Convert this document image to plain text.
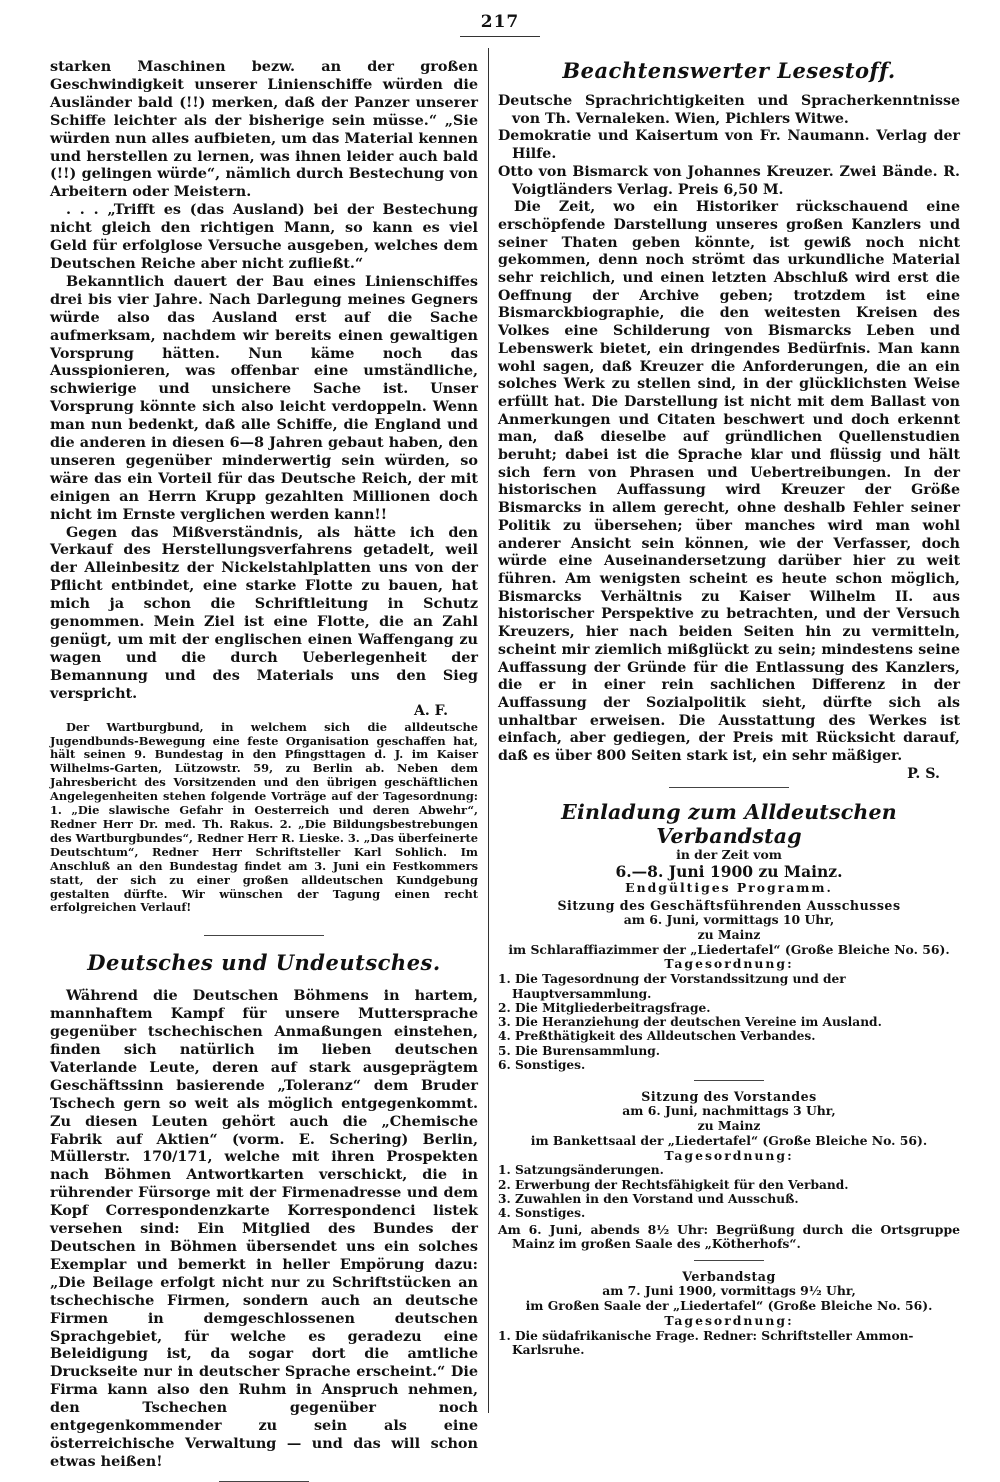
217

starken Maschinen bezw. an der großen Geschwindigkeit unserer Linienschiffe würden die Ausländer bald (!!) merken, daß der Panzer unserer Schiffe leichter als der bisherige sein müsse.“ „Sie würden nun alles aufbieten, um das Material kennen und herstellen zu lernen, was ihnen leider auch bald (!!) gelingen würde“, nämlich durch Bestechung von Arbeitern oder Meistern.

. . . „Trifft es (das Ausland) bei der Bestechung nicht gleich den richtigen Mann, so kann es viel Geld für erfolglose Versuche ausgeben, welches dem Deutschen Reiche aber nicht zufließt.“

Bekanntlich dauert der Bau eines Linienschiffes drei bis vier Jahre. Nach Darlegung meines Gegners würde also das Ausland erst auf die Sache aufmerksam, nachdem wir bereits einen gewaltigen Vorsprung hätten. Nun käme noch das Ausspionieren, was offenbar eine umständliche, schwierige und unsichere Sache ist. Unser Vorsprung könnte sich also leicht verdoppeln. Wenn man nun bedenkt, daß alle Schiffe, die England und die anderen in diesen 6—8 Jahren gebaut haben, den unseren gegenüber minderwertig sein würden, so wäre das ein Vorteil für das Deutsche Reich, der mit einigen an Herrn Krupp gezahlten Millionen doch nicht im Ernste verglichen werden kann!!

Gegen das Mißverständnis, als hätte ich den Verkauf des Herstellungsverfahrens getadelt, weil der Alleinbesitz der Nickelstahlplatten uns von der Pflicht entbindet, eine starke Flotte zu bauen, hat mich ja schon die Schriftleitung in Schutz genommen. Mein Ziel ist eine Flotte, die an Zahl genügt, um mit der englischen einen Waffengang zu wagen und die durch Ueberlegenheit der Bemannung und des Materials uns den Sieg verspricht.

A. F.

Der Wartburgbund, in welchem sich die alldeutsche Jugendbunds-Bewegung eine feste Organisation geschaffen hat, hält seinen 9. Bundestag in den Pfingsttagen d. J. im Kaiser Wilhelms-Garten, Lützowstr. 59, zu Berlin ab. Neben dem Jahresbericht des Vorsitzenden und den übrigen geschäftlichen Angelegenheiten stehen folgende Vorträge auf der Tagesordnung: 1. „Die slawische Gefahr in Oesterreich und deren Abwehr“, Redner Herr Dr. med. Th. Rakus. 2. „Die Bildungsbestrebungen des Wartburgbundes“, Redner Herr R. Lieske. 3. „Das überfeinerte Deutschtum“, Redner Herr Schriftsteller Karl Sohlich. Im Anschluß an den Bundestag findet am 3. Juni ein Festkommers statt, der sich zu einer großen alldeutschen Kundgebung gestalten dürfte. Wir wünschen der Tagung einen recht erfolgreichen Verlauf!

Deutsches und Undeutsches.

Während die Deutschen Böhmens in hartem, mannhaftem Kampf für unsere Muttersprache gegenüber tschechischen Anmaßungen einstehen, finden sich natürlich im lieben deutschen Vaterlande Leute, deren auf stark ausgeprägtem Geschäftssinn basierende „Toleranz“ dem Bruder Tschech gern so weit als möglich entgegenkommt. Zu diesen Leuten gehört auch die „Chemische Fabrik auf Aktien“ (vorm. E. Schering) Berlin, Müllerstr. 170/171, welche mit ihren Prospekten nach Böhmen Antwortkarten verschickt, die in rührender Fürsorge mit der Firmenadresse und dem Kopf Correspondenzkarte Korrespondenci listek versehen sind: Ein Mitglied des Bundes der Deutschen in Böhmen übersendet uns ein solches Exemplar und bemerkt in heller Empörung dazu: „Die Beilage erfolgt nicht nur zu Schriftstücken an tschechische Firmen, sondern auch an deutsche Firmen in demgeschlossenen deutschen Sprachgebiet, für welche es geradezu eine Beleidigung ist, da sogar dort die amtliche Druckseite nur in deutscher Sprache erscheint.“ Die Firma kann also den Ruhm in Anspruch nehmen, den Tschechen gegenüber noch entgegenkommender zu sein als eine österreichische Verwaltung — und das will schon etwas heißen!

Beachtenswerter Lesestoff.

Deutsche Sprachrichtigkeiten und Spracherkenntnisse von Th. Vernaleken. Wien, Pichlers Witwe.

Demokratie und Kaisertum von Fr. Naumann. Verlag der Hilfe.

Otto von Bismarck von Johannes Kreuzer. Zwei Bände. R. Voigtländers Verlag. Preis 6,50 M.

Die Zeit, wo ein Historiker rückschauend eine erschöpfende Darstellung unseres großen Kanzlers und seiner Thaten geben könnte, ist gewiß noch nicht gekommen, denn noch strömt das urkundliche Material sehr reichlich, und einen letzten Abschluß wird erst die Oeffnung der Archive geben; trotzdem ist eine Bismarckbiographie, die den weitesten Kreisen des Volkes eine Schilderung von Bismarcks Leben und Lebenswerk bietet, ein dringendes Bedürfnis. Man kann wohl sagen, daß Kreuzer die Anforderungen, die an ein solches Werk zu stellen sind, in der glücklichsten Weise erfüllt hat. Die Darstellung ist nicht mit dem Ballast von Anmerkungen und Citaten beschwert und doch erkennt man, daß dieselbe auf gründlichen Quellenstudien beruht; dabei ist die Sprache klar und flüssig und hält sich fern von Phrasen und Uebertreibungen. In der historischen Auffassung wird Kreuzer der Größe Bismarcks in allem gerecht, ohne deshalb Fehler seiner Politik zu übersehen; über manches wird man wohl anderer Ansicht sein können, wie der Verfasser, doch würde eine Auseinandersetzung darüber hier zu weit führen. Am wenigsten scheint es heute schon möglich, Bismarcks Verhältnis zu Kaiser Wilhelm II. aus historischer Perspektive zu betrachten, und der Versuch Kreuzers, hier nach beiden Seiten hin zu vermitteln, scheint mir ziemlich mißglückt zu sein; mindestens seine Auffassung der Gründe für die Entlassung des Kanzlers, die er in einer rein sachlichen Differenz in der Auffassung der Sozialpolitik sieht, dürfte sich als unhaltbar erweisen. Die Ausstattung des Werkes ist einfach, aber gediegen, der Preis mit Rücksicht darauf, daß es über 800 Seiten stark ist, ein sehr mäßiger.

P. S.

Einladung zum Alldeutschen Verbandstag

in der Zeit vom

6.—8. Juni 1900 zu Mainz.

Endgültiges Programm.

Sitzung des Geschäftsführenden Ausschusses

am 6. Juni, vormittags 10 Uhr,

zu Mainz

im Schlaraffiazimmer der „Liedertafel“ (Große Bleiche No. 56).

Tagesordnung:

1. Die Tagesordnung der Vorstandssitzung und der Hauptversammlung.
2. Die Mitgliederbeitragsfrage.
3. Die Heranziehung der deutschen Vereine im Ausland.
4. Preßthätigkeit des Alldeutschen Verbandes.
5. Die Burensammlung.
6. Sonstiges.

Sitzung des Vorstandes

am 6. Juni, nachmittags 3 Uhr,

zu Mainz

im Bankettsaal der „Liedertafel“ (Große Bleiche No. 56).

Tagesordnung:

1. Satzungsänderungen.
2. Erwerbung der Rechtsfähigkeit für den Verband.
3. Zuwahlen in den Vorstand und Ausschuß.
4. Sonstiges.

Am 6. Juni, abends 8½ Uhr: Begrüßung durch die Ortsgruppe Mainz im großen Saale des „Kötherhofs“.

Verbandstag

am 7. Juni 1900, vormittags 9½ Uhr,

im Großen Saale der „Liedertafel“ (Große Bleiche No. 56).

Tagesordnung:

1. Die südafrikanische Frage. Redner: Schriftsteller Ammon-Karlsruhe.
